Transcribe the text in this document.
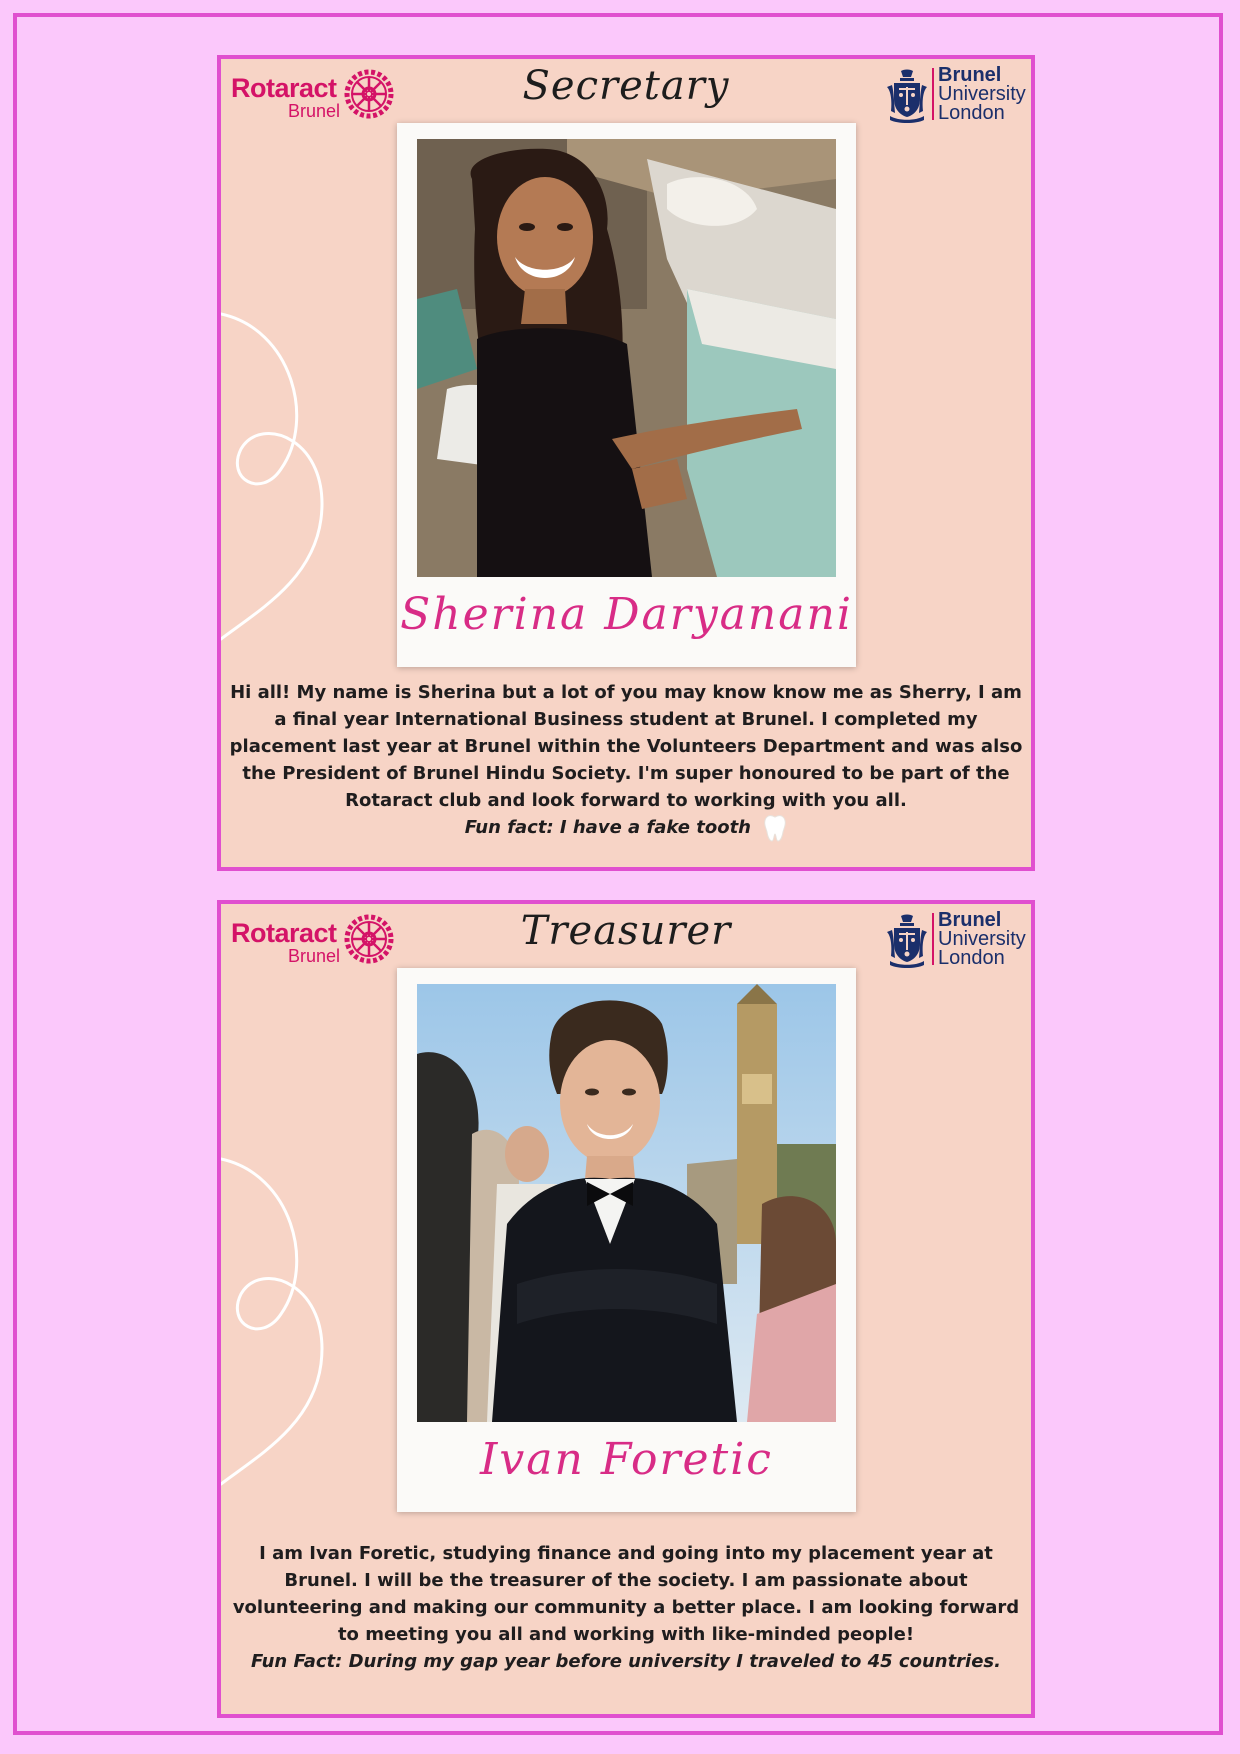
Rotaract
Brunel
Secretary	Brunel
University
London
Sherina Daryanani

Hi all! My name is Sherina but a lot of you may know know me as Sherry, I am a final year International Business student at Brunel. I completed my placement last year at Brunel within the Volunteers Department and was also the President of Brunel Hindu Society. I'm super honoured to be part of the Rotaract club and look forward to working with you all.

Fun fact: I have a fake tooth

Rotaract
Brunel
Treasurer	Brunel
University
London
Ivan Foretic

I am Ivan Foretic, studying finance and going into my placement year at Brunel. I will be the treasurer of the society. I am passionate about volunteering and making our community a better place. I am looking forward to meeting you all and working with like-minded people!

Fun Fact: During my gap year before university I traveled to 45 countries.
